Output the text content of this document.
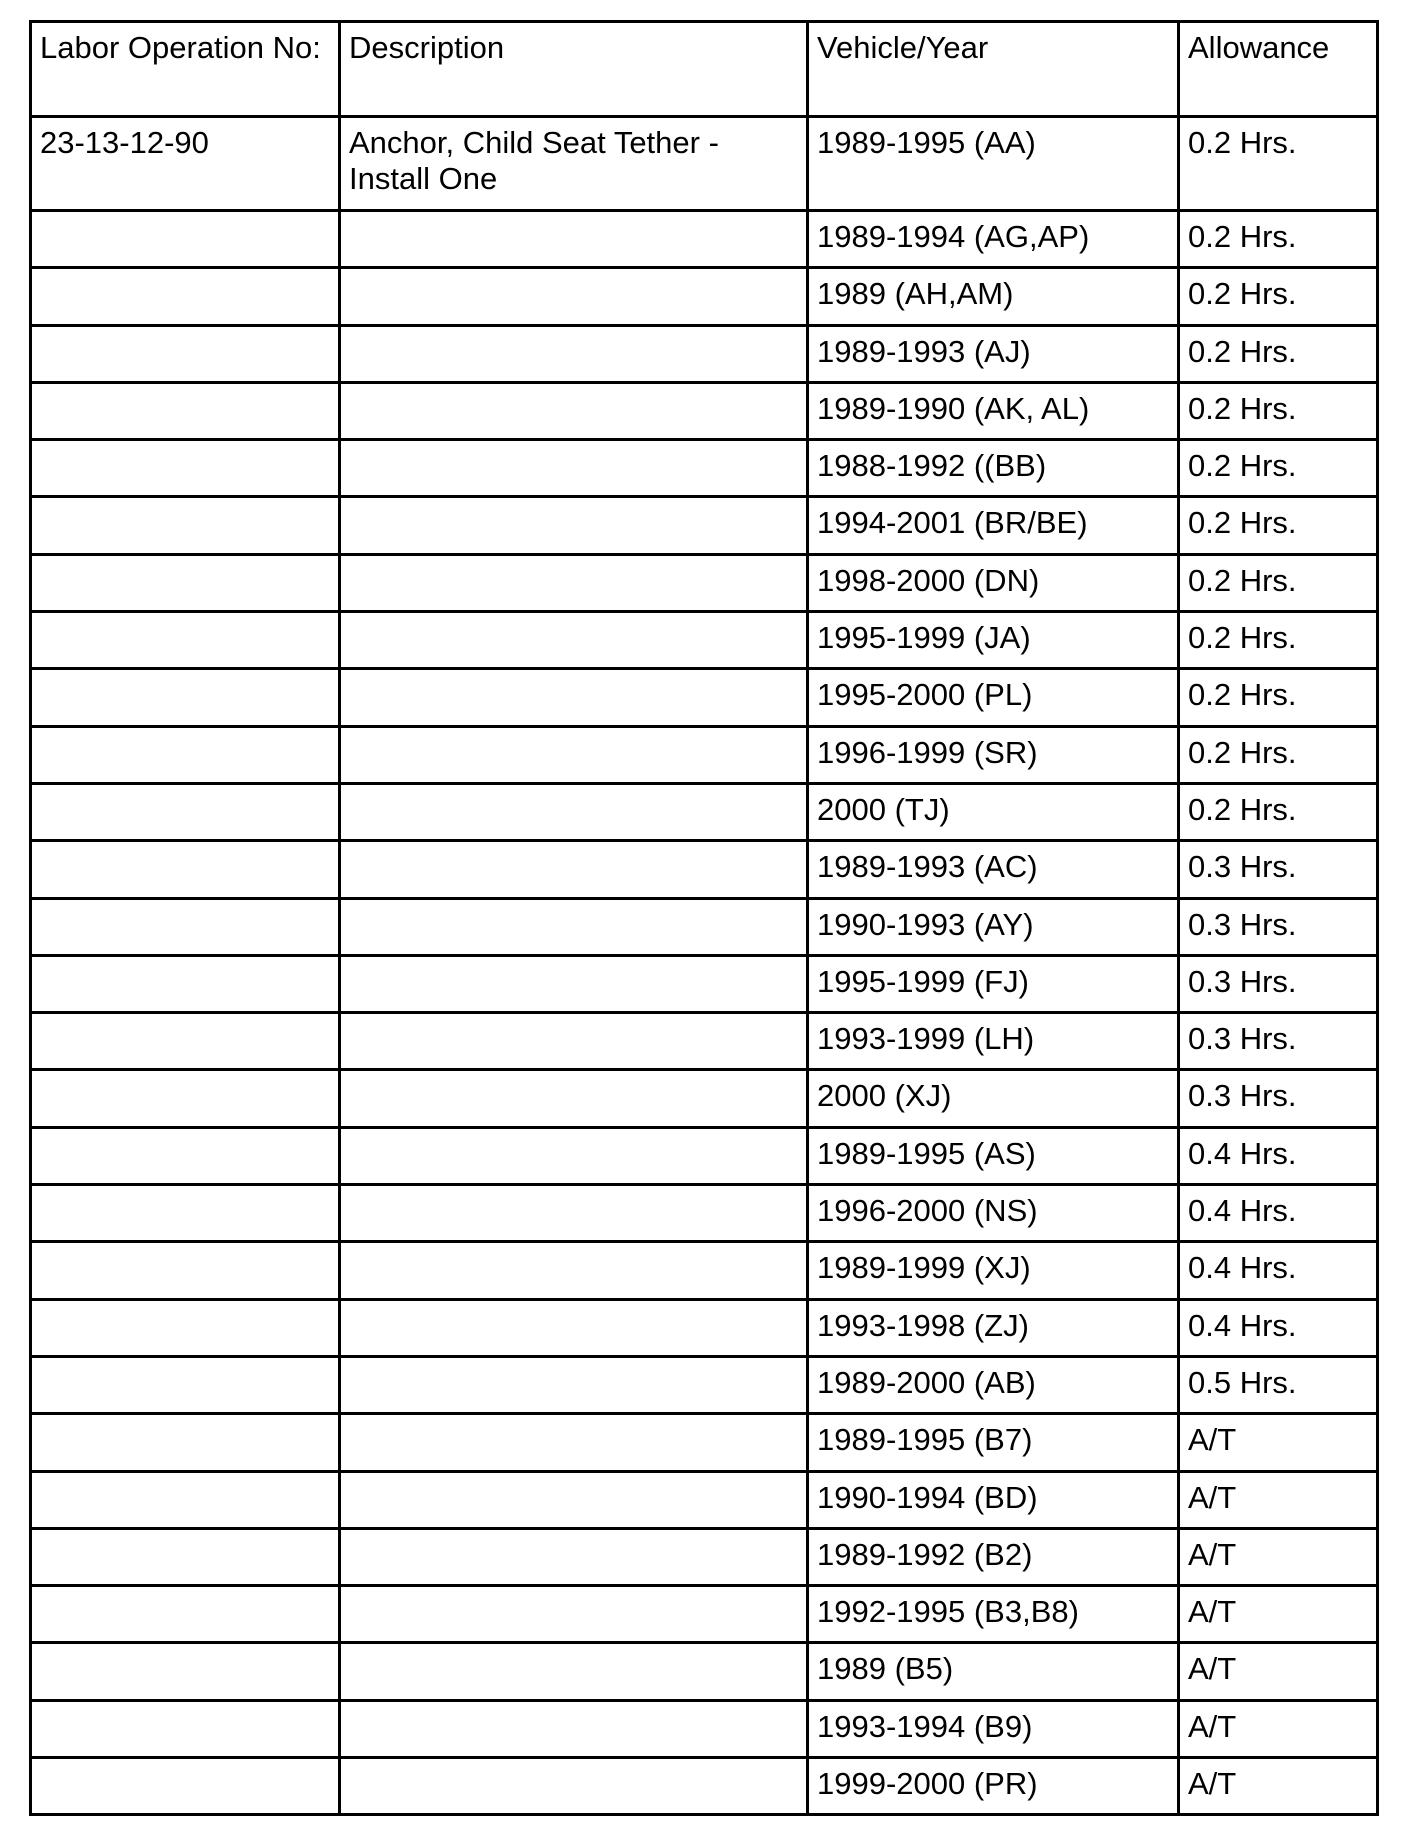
Labor Operation No:	Description	Vehicle/Year	Allowance
23-13-12-90	Anchor, Child Seat Tether - Install One	1989-1995 (AA)	0.2 Hrs.
		1989-1994 (AG,AP)	0.2 Hrs.
		1989 (AH,AM)	0.2 Hrs.
		1989-1993 (AJ)	0.2 Hrs.
		1989-1990 (AK, AL)	0.2 Hrs.
		1988-1992 ((BB)	0.2 Hrs.
		1994-2001 (BR/BE)	0.2 Hrs.
		1998-2000 (DN)	0.2 Hrs.
		1995-1999 (JA)	0.2 Hrs.
		1995-2000 (PL)	0.2 Hrs.
		1996-1999 (SR)	0.2 Hrs.
		2000 (TJ)	0.2 Hrs.
		1989-1993 (AC)	0.3 Hrs.
		1990-1993 (AY)	0.3 Hrs.
		1995-1999 (FJ)	0.3 Hrs.
		1993-1999 (LH)	0.3 Hrs.
		2000 (XJ)	0.3 Hrs.
		1989-1995 (AS)	0.4 Hrs.
		1996-2000 (NS)	0.4 Hrs.
		1989-1999 (XJ)	0.4 Hrs.
		1993-1998 (ZJ)	0.4 Hrs.
		1989-2000 (AB)	0.5 Hrs.
		1989-1995 (B7)	A/T
		1990-1994 (BD)	A/T
		1989-1992 (B2)	A/T
		1992-1995 (B3,B8)	A/T
		1989 (B5)	A/T
		1993-1994 (B9)	A/T
		1999-2000 (PR)	A/T
